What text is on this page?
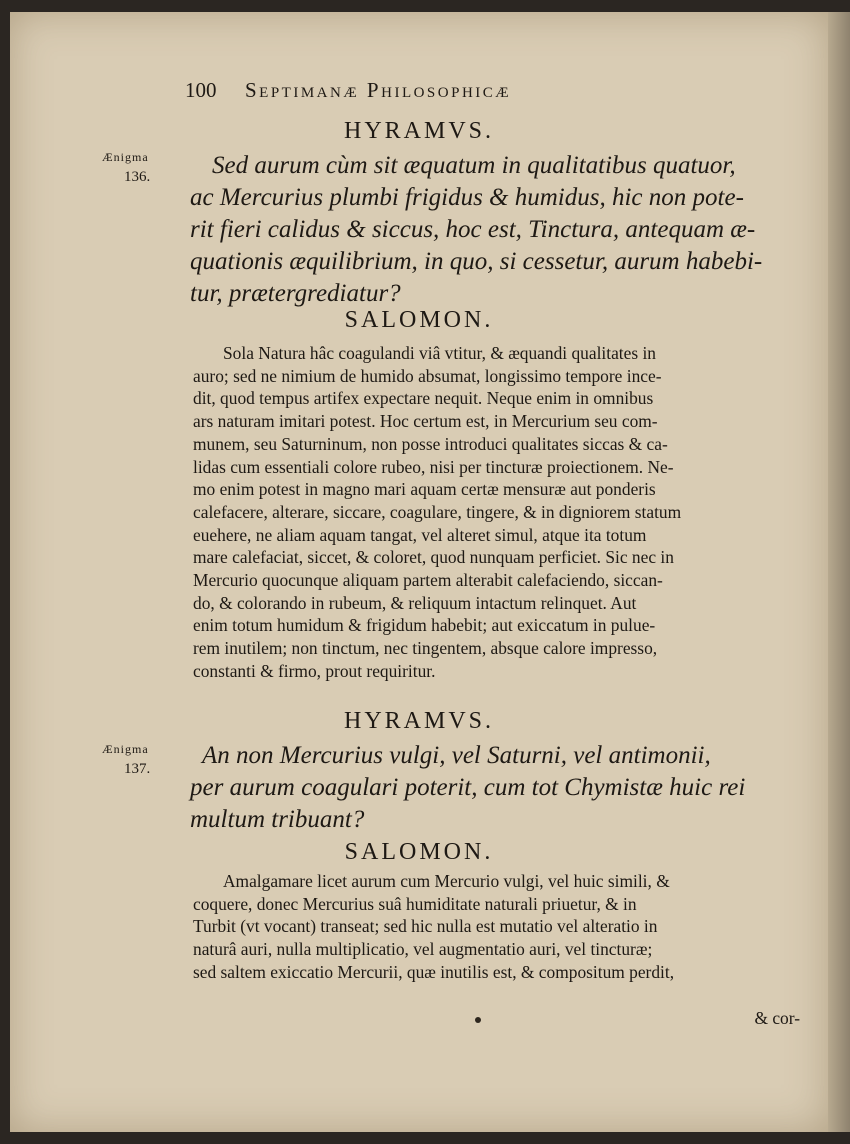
100 Septimanæ Philosophicæ
HYRAMVS.
Ænigma
136.	Sed aurum cùm sit æquatum in qualitatibus quatuor,
ac Mercurius plumbi frigidus & humidus, hic non pote-
rit fieri calidus & siccus, hoc est, Tinctura, antequam æ-
quationis æquilibrium, in quo, si cessetur, aurum habebi-
tur, prætergrediatur?
SALOMON.
Sola Natura hâc coagulandi viâ vtitur, & æquandi qualitates in
auro; sed ne nimium de humido absumat, longissimo tempore ince-
dit, quod tempus artifex expectare nequit. Neque enim in omnibus
ars naturam imitari potest. Hoc certum est, in Mercurium seu com-
munem, seu Saturninum, non posse introduci qualitates siccas & ca-
lidas cum essentiali colore rubeo, nisi per tincturæ proiectionem. Ne-
mo enim potest in magno mari aquam certæ mensuræ aut ponderis
calefacere, alterare, siccare, coagulare, tingere, & in digniorem statum
euehere, ne aliam aquam tangat, vel alteret simul, atque ita totum
mare calefaciat, siccet, & coloret, quod nunquam perficiet. Sic nec in
Mercurio quocunque aliquam partem alterabit calefaciendo, siccan-
do, & colorando in rubeum, & reliquum intactum relinquet. Aut
enim totum humidum & frigidum habebit; aut exiccatum in pulue-
rem inutilem; non tinctum, nec tingentem, absque calore impresso,
constanti & firmo, prout requiritur.
HYRAMVS.
Ænigma
137.	An non Mercurius vulgi, vel Saturni, vel antimonii,
per aurum coagulari poterit, cum tot Chymistæ huic rei
multum tribuant?
SALOMON.
Amalgamare licet aurum cum Mercurio vulgi, vel huic simili, &
coquere, donec Mercurius suâ humiditate naturali priuetur, & in
Turbit (vt vocant) transeat; sed hic nulla est mutatio vel alteratio in
naturâ auri, nulla multiplicatio, vel augmentatio auri, vel tincturæ;
sed saltem exiccatio Mercurii, quæ inutilis est, & compositum perdit,
& cor-
